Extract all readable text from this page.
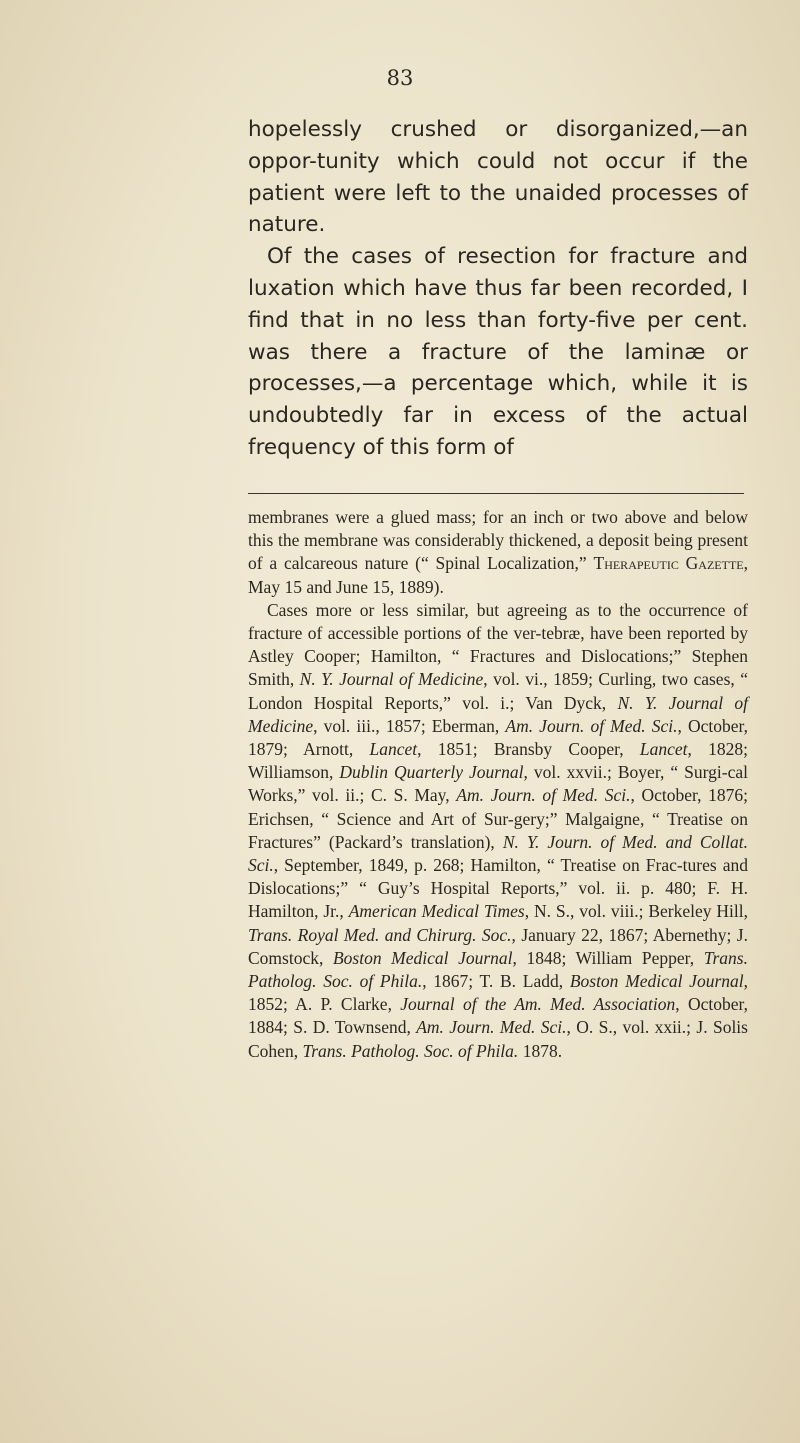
83

hopelessly crushed or disorganized,—an oppor-tunity which could not occur if the patient were left to the unaided processes of nature.

Of the cases of resection for fracture and luxation which have thus far been recorded, I find that in no less than forty-five per cent. was there a fracture of the laminæ or processes,—a percentage which, while it is undoubtedly far in excess of the actual frequency of this form of

membranes were a glued mass; for an inch or two above and below this the membrane was considerably thickened, a deposit being present of a calcareous nature (“ Spinal Localization,” Therapeutic Gazette, May 15 and June 15, 1889).

Cases more or less similar, but agreeing as to the occurrence of fracture of accessible portions of the ver-tebræ, have been reported by Astley Cooper; Hamilton, “ Fractures and Dislocations;” Stephen Smith, N. Y. Journal of Medicine, vol. vi., 1859; Curling, two cases, “ London Hospital Reports,” vol. i.; Van Dyck, N. Y. Journal of Medicine, vol. iii., 1857; Eberman, Am. Journ. of Med. Sci., October, 1879; Arnott, Lancet, 1851; Bransby Cooper, Lancet, 1828; Williamson, Dublin Quarterly Journal, vol. xxvii.; Boyer, “ Surgi-cal Works,” vol. ii.; C. S. May, Am. Journ. of Med. Sci., October, 1876; Erichsen, “ Science and Art of Sur-gery;” Malgaigne, “ Treatise on Fractures” (Packard’s translation), N. Y. Journ. of Med. and Collat. Sci., September, 1849, p. 268; Hamilton, “ Treatise on Frac-tures and Dislocations;” “ Guy’s Hospital Reports,” vol. ii. p. 480; F. H. Hamilton, Jr., American Medical Times, N. S., vol. viii.; Berkeley Hill, Trans. Royal Med. and Chirurg. Soc., January 22, 1867; Abernethy; J. Comstock, Boston Medical Journal, 1848; William Pepper, Trans. Patholog. Soc. of Phila., 1867; T. B. Ladd, Boston Medical Journal, 1852; A. P. Clarke, Journal of the Am. Med. Association, October, 1884; S. D. Townsend, Am. Journ. Med. Sci., O. S., vol. xxii.; J. Solis Cohen, Trans. Patholog. Soc. of Phila. 1878.
